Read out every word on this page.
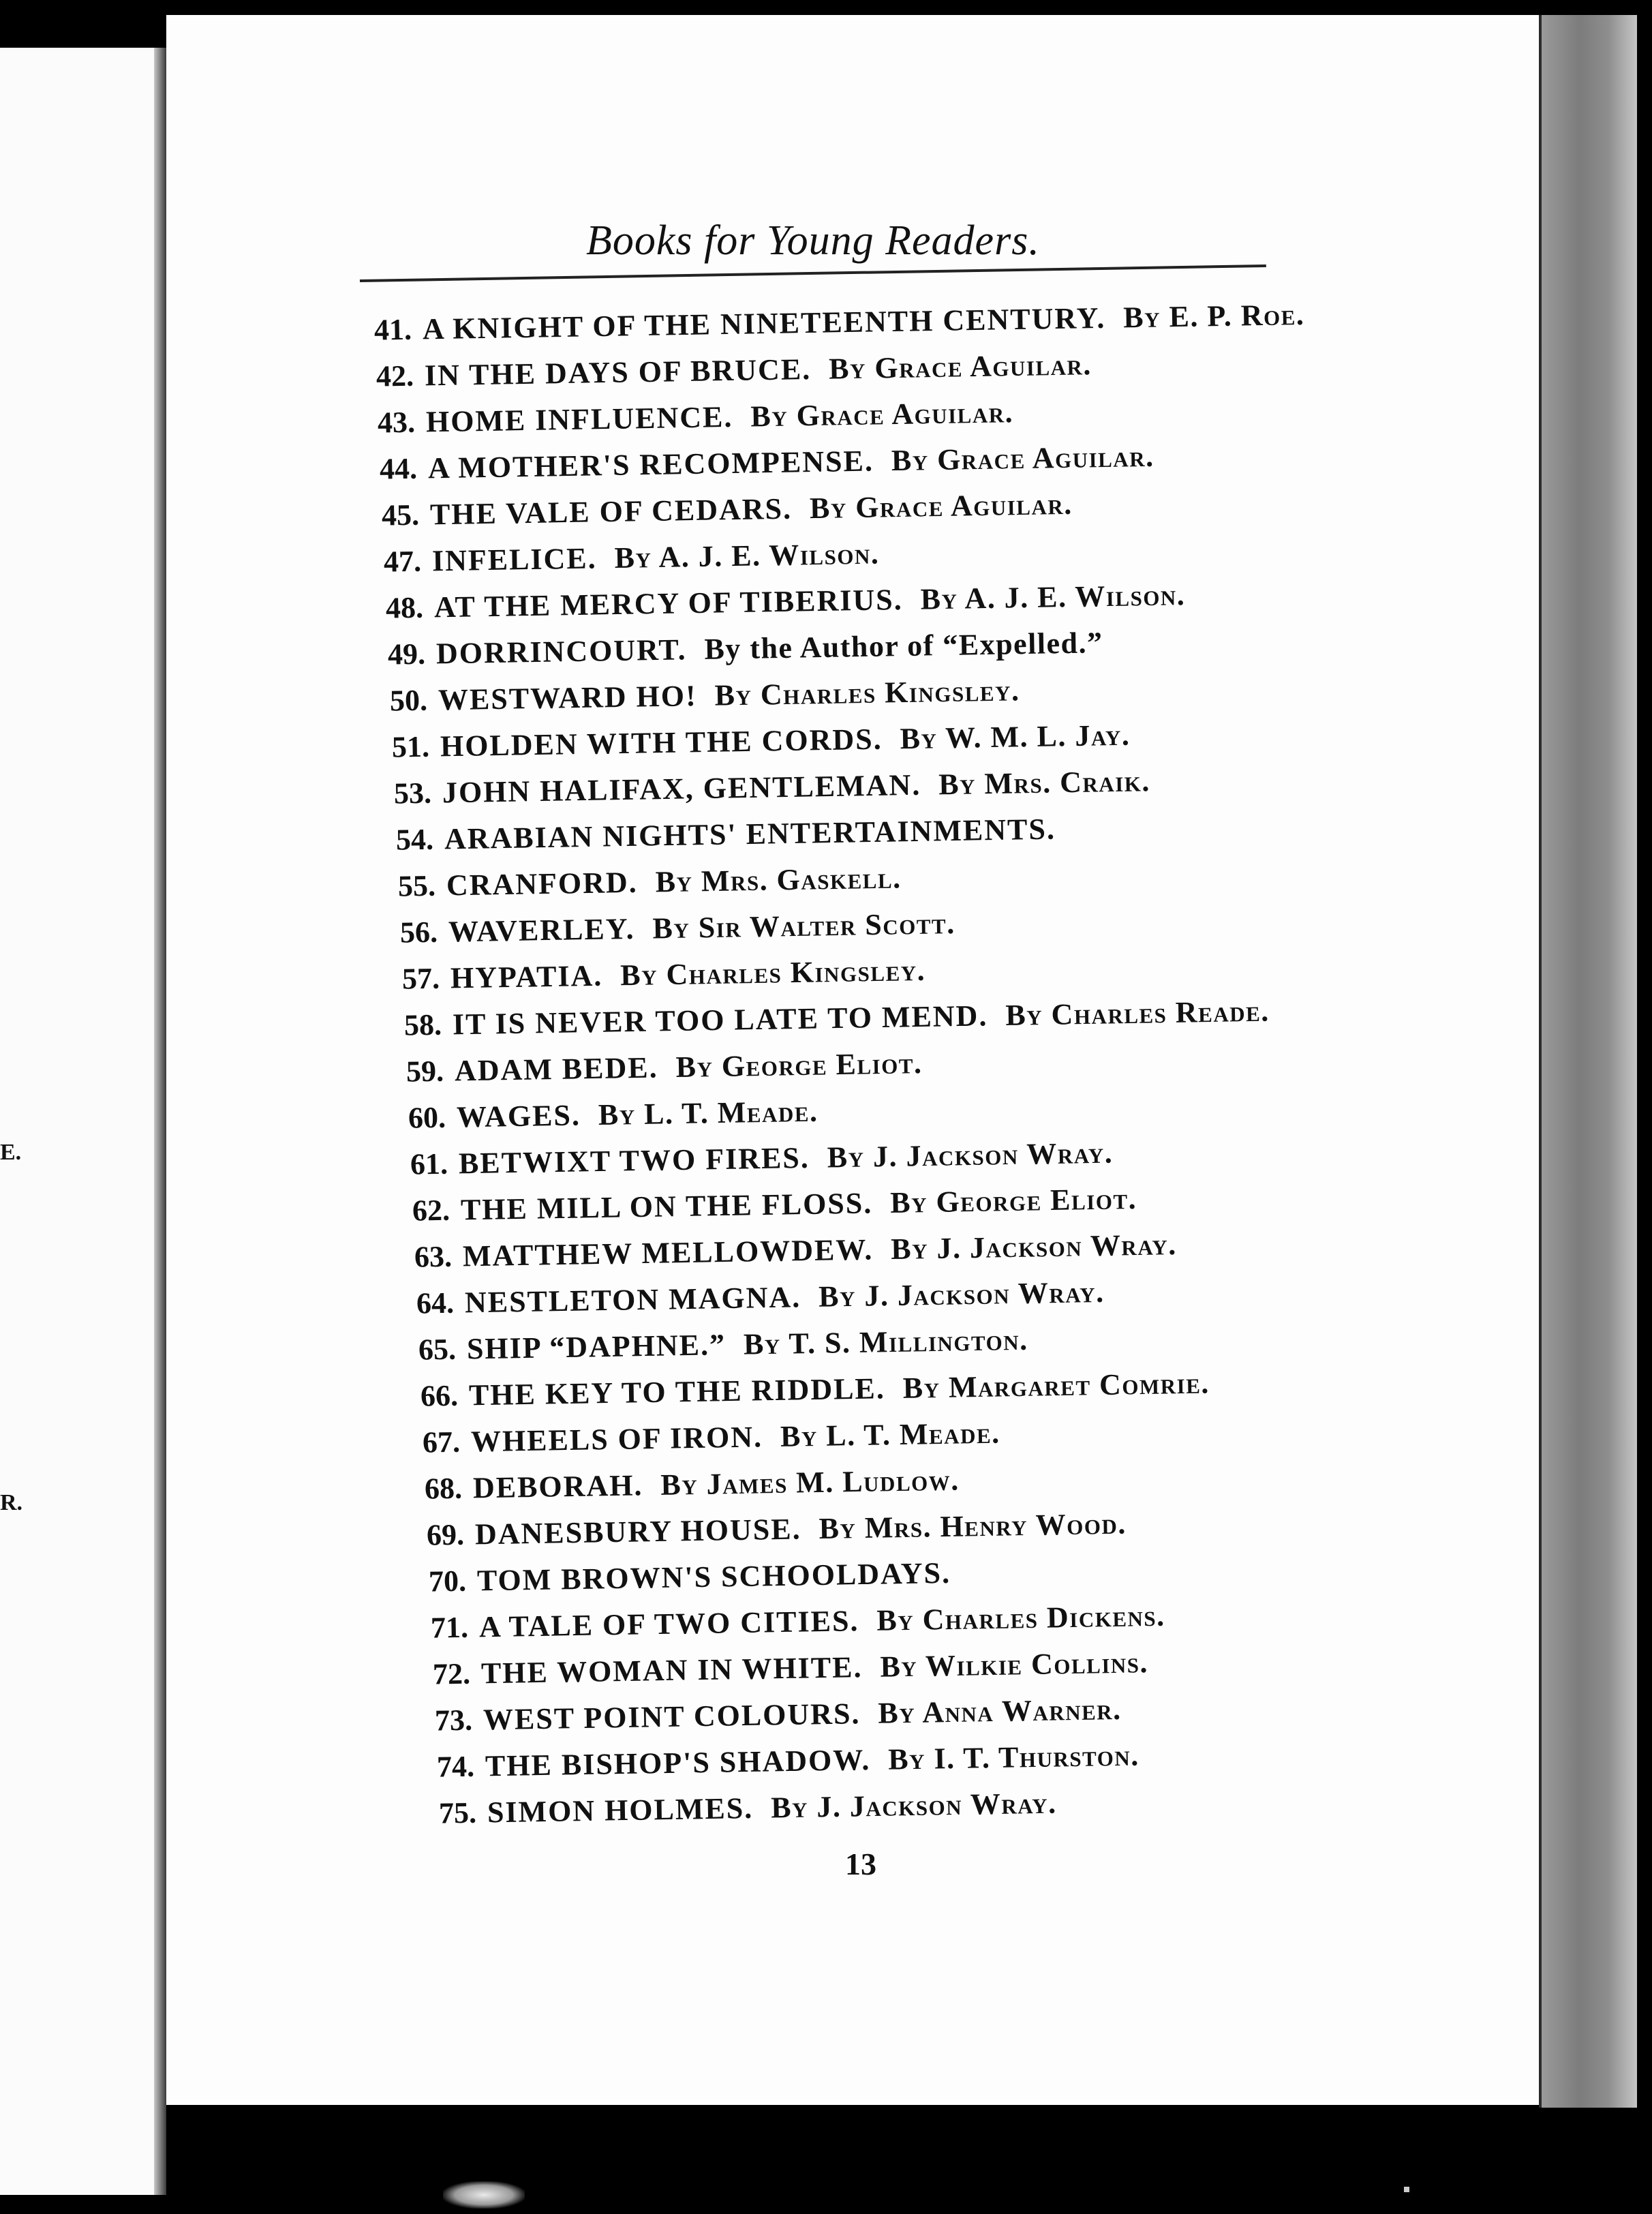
E.
R.
Books for Young Readers.
41. A KNIGHT OF THE NINETEENTH CENTURY. By E. P. Roe.
42. IN THE DAYS OF BRUCE. By Grace Aguilar.
43. HOME INFLUENCE. By Grace Aguilar.
44. A MOTHER'S RECOMPENSE. By Grace Aguilar.
45. THE VALE OF CEDARS. By Grace Aguilar.
47. INFELICE. By A. J. E. Wilson.
48. AT THE MERCY OF TIBERIUS. By A. J. E. Wilson.
49. DORRINCOURT. By the Author of “Expelled.”
50. WESTWARD HO! By Charles Kingsley.
51. HOLDEN WITH THE CORDS. By W. M. L. Jay.
53. JOHN HALIFAX, GENTLEMAN. By Mrs. Craik.
54. ARABIAN NIGHTS' ENTERTAINMENTS.
55. CRANFORD. By Mrs. Gaskell.
56. WAVERLEY. By Sir Walter Scott.
57. HYPATIA. By Charles Kingsley.
58. IT IS NEVER TOO LATE TO MEND. By Charles Reade.
59. ADAM BEDE. By George Eliot.
60. WAGES. By L. T. Meade.
61. BETWIXT TWO FIRES. By J. Jackson Wray.
62. THE MILL ON THE FLOSS. By George Eliot.
63. MATTHEW MELLOWDEW. By J. Jackson Wray.
64. NESTLETON MAGNA. By J. Jackson Wray.
65. SHIP “DAPHNE.” By T. S. Millington.
66. THE KEY TO THE RIDDLE. By Margaret Comrie.
67. WHEELS OF IRON. By L. T. Meade.
68. DEBORAH. By James M. Ludlow.
69. DANESBURY HOUSE. By Mrs. Henry Wood.
70. TOM BROWN'S SCHOOLDAYS.
71. A TALE OF TWO CITIES. By Charles Dickens.
72. THE WOMAN IN WHITE. By Wilkie Collins.
73. WEST POINT COLOURS. By Anna Warner.
74. THE BISHOP'S SHADOW. By I. T. Thurston.
75. SIMON HOLMES. By J. Jackson Wray.
13
